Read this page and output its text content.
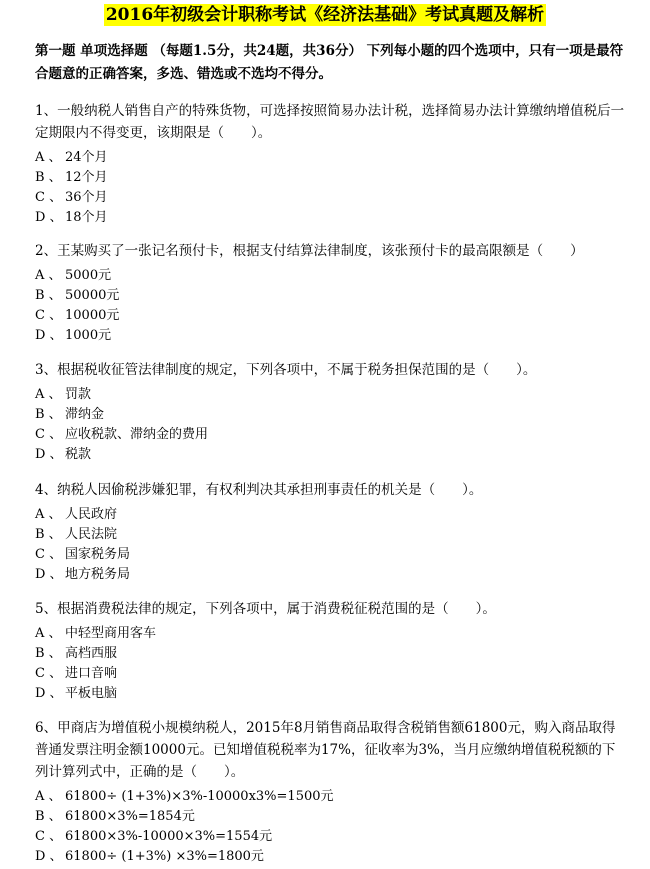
2016年初级会计职称考试《经济法基础》考试真题及解析
第一题 单项选择题 （每题1.5分，共24题，共36分） 下列每小题的四个选项中，只有一项是最符合题意的正确答案，多选、错选或不选均不得分。

1、一般纳税人销售自产的特殊货物，可选择按照简易办法计税，选择简易办法计算缴纳增值税后一定期限内不得变更，该期限是（　　）。

A 、 24个月
B 、 12个月
C 、 36个月
D 、 18个月

2、王某购买了一张记名预付卡，根据支付结算法律制度，该张预付卡的最高限额是（　　）

A 、 5000元
B 、 50000元
C 、 10000元
D 、 1000元

3、根据税收征管法律制度的规定，下列各项中，不属于税务担保范围的是（　　）。

A 、 罚款
B 、 滞纳金
C 、 应收税款、滞纳金的费用
D 、 税款

4、纳税人因偷税涉嫌犯罪，有权利判决其承担刑事责任的机关是（　　）。

A 、 人民政府
B 、 人民法院
C 、 国家税务局
D 、 地方税务局

5、根据消费税法律的规定，下列各项中，属于消费税征税范围的是（　　）。

A 、 中轻型商用客车
B 、 高档西服
C 、 进口音响
D 、 平板电脑

6、甲商店为增值税小规模纳税人，2015年8月销售商品取得含税销售额61800元，购入商品取得普通发票注明金额10000元。已知增值税税率为17%，征收率为3%，当月应缴纳增值税税额的下列计算列式中，正确的是（　　）。

A 、 61800÷ (1+3%)×3%-10000x3%=1500元
B 、 61800×3%=1854元
C 、 61800×3%-10000×3%=1554元
D 、 61800÷ (1+3%) ×3%=1800元
